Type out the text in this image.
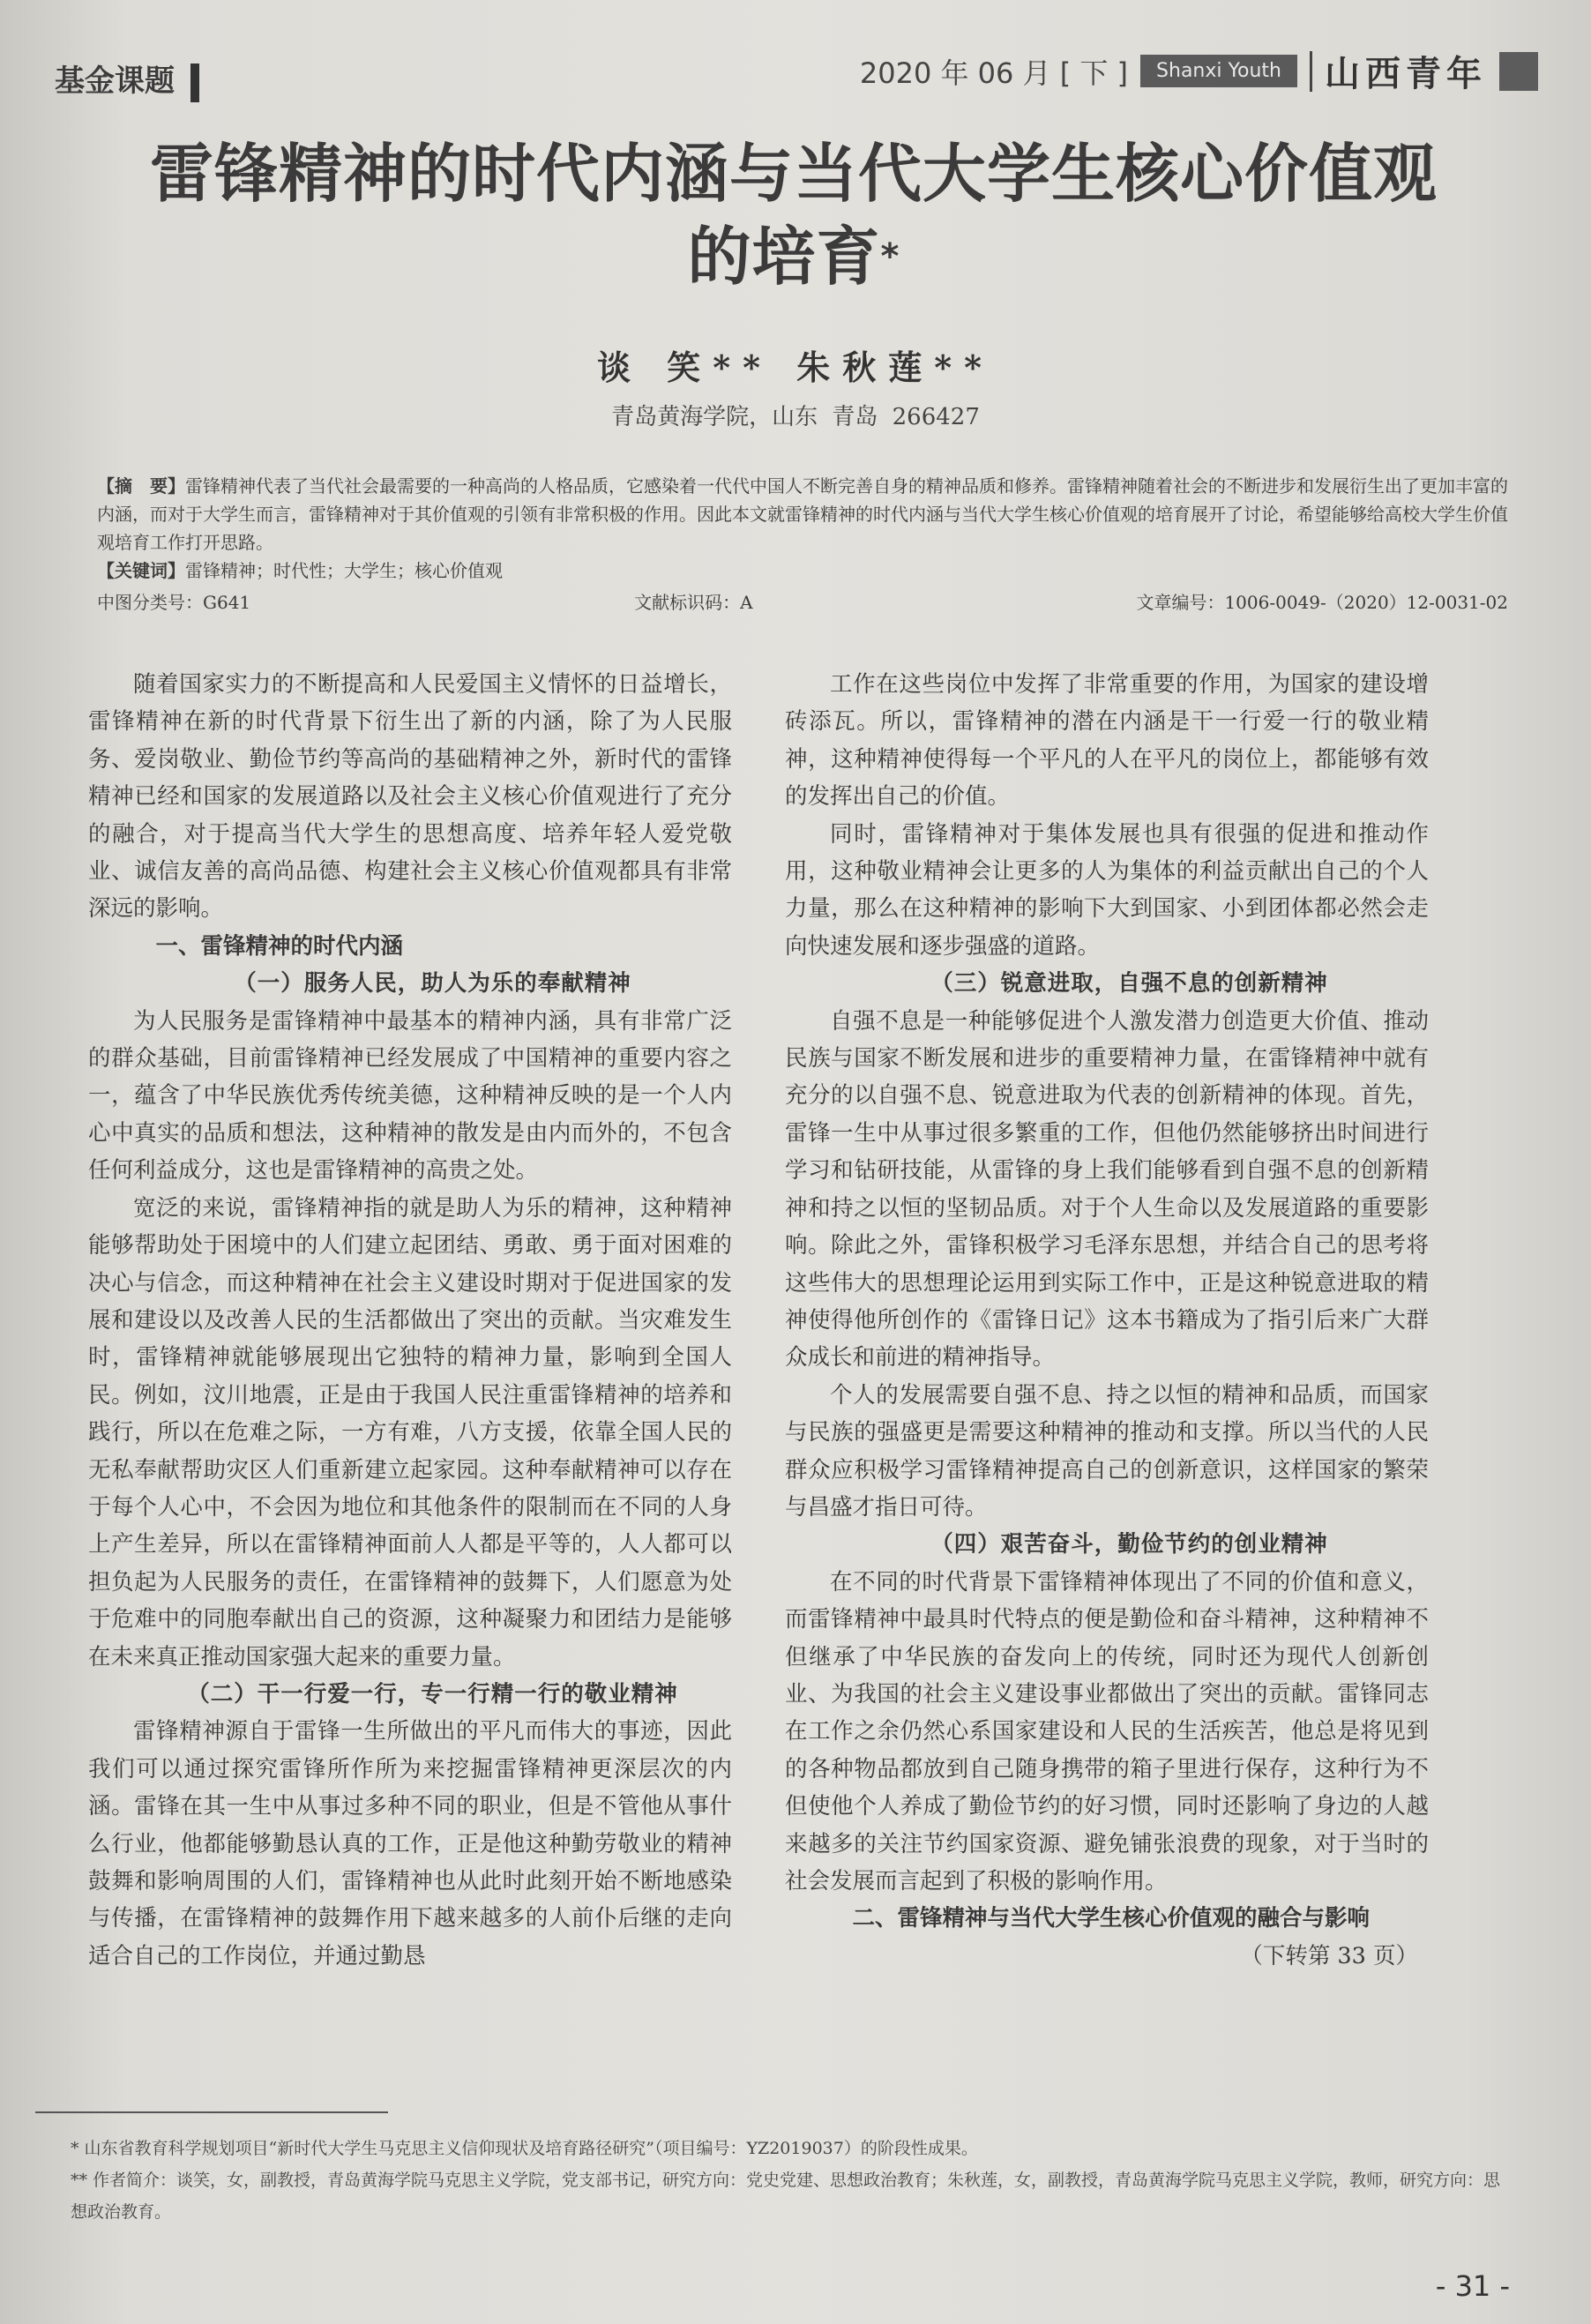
基金课题	2020 年 06 月 [ 下 ]	Shanxi Youth	山西青年
雷锋精神的时代内涵与当代大学生核心价值观
的培育*
谈 笑** 朱秋莲**
青岛黄海学院，山东 青岛 266427
【摘　要】雷锋精神代表了当代社会最需要的一种高尚的人格品质，它感染着一代代中国人不断完善自身的精神品质和修养。雷锋精神随着社会的不断进步和发展衍生出了更加丰富的内涵，而对于大学生而言，雷锋精神对于其价值观的引领有非常积极的作用。因此本文就雷锋精神的时代内涵与当代大学生核心价值观的培育展开了讨论，希望能够给高校大学生价值观培育工作打开思路。
【关键词】雷锋精神；时代性；大学生；核心价值观
中图分类号：G641	文献标识码：A	文章编号：1006-0049-（2020）12-0031-02

随着国家实力的不断提高和人民爱国主义情怀的日益增长，雷锋精神在新的时代背景下衍生出了新的内涵，除了为人民服务、爱岗敬业、勤俭节约等高尚的基础精神之外，新时代的雷锋精神已经和国家的发展道路以及社会主义核心价值观进行了充分的融合，对于提高当代大学生的思想高度、培养年轻人爱党敬业、诚信友善的高尚品德、构建社会主义核心价值观都具有非常深远的影响。

一、雷锋精神的时代内涵

（一）服务人民，助人为乐的奉献精神

为人民服务是雷锋精神中最基本的精神内涵，具有非常广泛的群众基础，目前雷锋精神已经发展成了中国精神的重要内容之一，蕴含了中华民族优秀传统美德，这种精神反映的是一个人内心中真实的品质和想法，这种精神的散发是由内而外的，不包含任何利益成分，这也是雷锋精神的高贵之处。

宽泛的来说，雷锋精神指的就是助人为乐的精神，这种精神能够帮助处于困境中的人们建立起团结、勇敢、勇于面对困难的决心与信念，而这种精神在社会主义建设时期对于促进国家的发展和建设以及改善人民的生活都做出了突出的贡献。当灾难发生时，雷锋精神就能够展现出它独特的精神力量，影响到全国人民。例如，汶川地震，正是由于我国人民注重雷锋精神的培养和践行，所以在危难之际，一方有难，八方支援，依靠全国人民的无私奉献帮助灾区人们重新建立起家园。这种奉献精神可以存在于每个人心中，不会因为地位和其他条件的限制而在不同的人身上产生差异，所以在雷锋精神面前人人都是平等的，人人都可以担负起为人民服务的责任，在雷锋精神的鼓舞下，人们愿意为处于危难中的同胞奉献出自己的资源，这种凝聚力和团结力是能够在未来真正推动国家强大起来的重要力量。

（二）干一行爱一行，专一行精一行的敬业精神

雷锋精神源自于雷锋一生所做出的平凡而伟大的事迹，因此我们可以通过探究雷锋所作所为来挖掘雷锋精神更深层次的内涵。雷锋在其一生中从事过多种不同的职业，但是不管他从事什么行业，他都能够勤恳认真的工作，正是他这种勤劳敬业的精神鼓舞和影响周围的人们，雷锋精神也从此时此刻开始不断地感染与传播，在雷锋精神的鼓舞作用下越来越多的人前仆后继的走向适合自己的工作岗位，并通过勤恳

工作在这些岗位中发挥了非常重要的作用，为国家的建设增砖添瓦。所以，雷锋精神的潜在内涵是干一行爱一行的敬业精神，这种精神使得每一个平凡的人在平凡的岗位上，都能够有效的发挥出自己的价值。

同时，雷锋精神对于集体发展也具有很强的促进和推动作用，这种敬业精神会让更多的人为集体的利益贡献出自己的个人力量，那么在这种精神的影响下大到国家、小到团体都必然会走向快速发展和逐步强盛的道路。

（三）锐意进取，自强不息的创新精神

自强不息是一种能够促进个人激发潜力创造更大价值、推动民族与国家不断发展和进步的重要精神力量，在雷锋精神中就有充分的以自强不息、锐意进取为代表的创新精神的体现。首先，雷锋一生中从事过很多繁重的工作，但他仍然能够挤出时间进行学习和钻研技能，从雷锋的身上我们能够看到自强不息的创新精神和持之以恒的坚韧品质。对于个人生命以及发展道路的重要影响。除此之外，雷锋积极学习毛泽东思想，并结合自己的思考将这些伟大的思想理论运用到实际工作中，正是这种锐意进取的精神使得他所创作的《雷锋日记》这本书籍成为了指引后来广大群众成长和前进的精神指导。

个人的发展需要自强不息、持之以恒的精神和品质，而国家与民族的强盛更是需要这种精神的推动和支撑。所以当代的人民群众应积极学习雷锋精神提高自己的创新意识，这样国家的繁荣与昌盛才指日可待。

（四）艰苦奋斗，勤俭节约的创业精神

在不同的时代背景下雷锋精神体现出了不同的价值和意义，而雷锋精神中最具时代特点的便是勤俭和奋斗精神，这种精神不但继承了中华民族的奋发向上的传统，同时还为现代人创新创业、为我国的社会主义建设事业都做出了突出的贡献。雷锋同志在工作之余仍然心系国家建设和人民的生活疾苦，他总是将见到的各种物品都放到自己随身携带的箱子里进行保存，这种行为不但使他个人养成了勤俭节约的好习惯，同时还影响了身边的人越来越多的关注节约国家资源、避免铺张浪费的现象，对于当时的社会发展而言起到了积极的影响作用。

二、雷锋精神与当代大学生核心价值观的融合与影响

（下转第 33 页）

* 山东省教育科学规划项目“新时代大学生马克思主义信仰现状及培育路径研究”（项目编号：YZ2019037）的阶段性成果。
** 作者简介：谈笑，女，副教授，青岛黄海学院马克思主义学院，党支部书记，研究方向：党史党建、思想政治教育；朱秋莲，女，副教授，青岛黄海学院马克思主义学院，教师，研究方向：思想政治教育。
- 31 -
